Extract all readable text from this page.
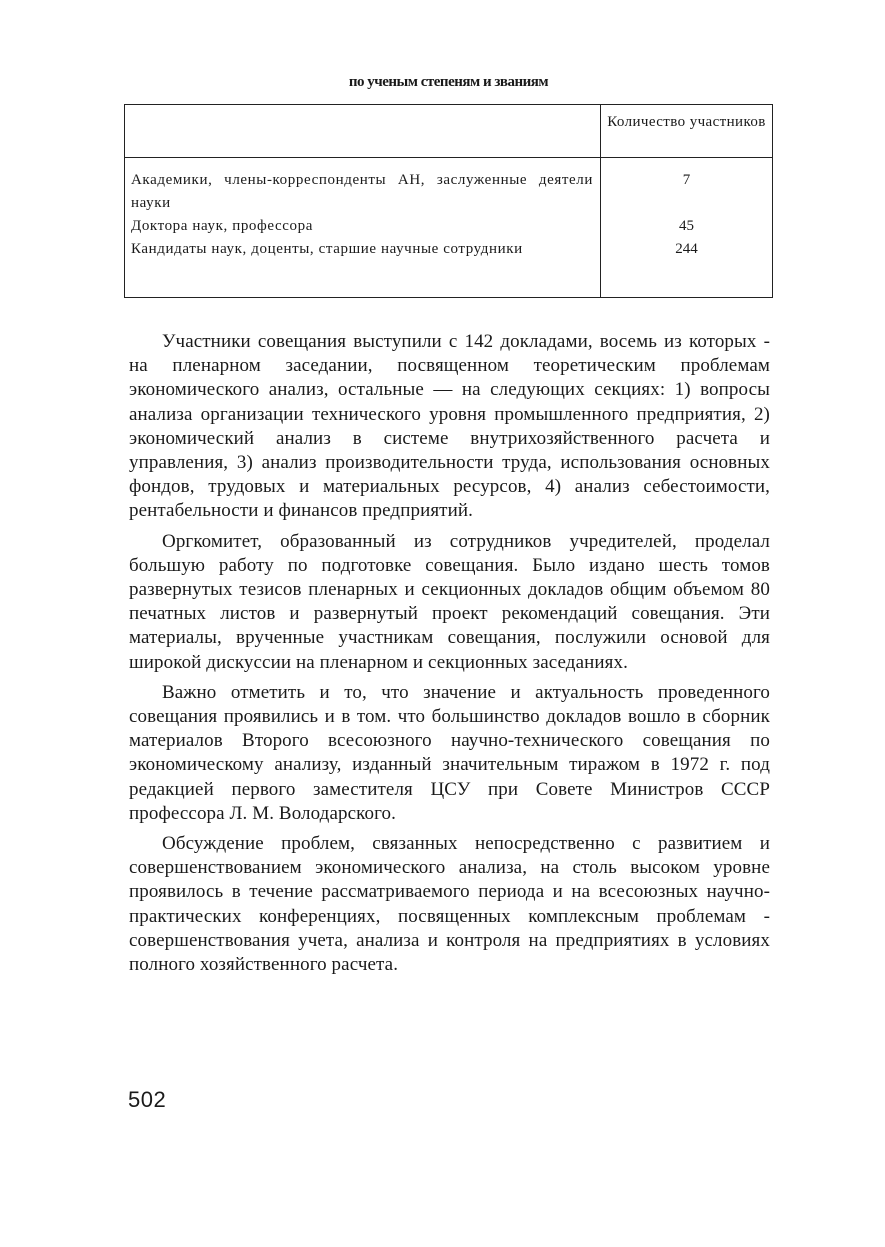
по ученым степеням и званиям
Количество участников
Академики, члены-корреспонденты АН, заслуженные деятели науки
7
Доктора наук, профессора	45
Кандидаты наук, доценты, старшие научные сотрудники	244

Участники совещания выступили с 142 докладами, восемь из которых - на пленарном заседании, посвященном теоретическим проблемам экономического анализ, остальные — на следующих секциях: 1) вопросы анализа организации технического уровня промышленного предприятия, 2) экономический анализ в системе внутрихозяйственного расчета и управления, 3) анализ производительности труда, использования основных фондов, трудовых и материальных ресурсов, 4) анализ себестоимости, рентабельности и финансов предприятий.

Оргкомитет, образованный из сотрудников учредителей, проделал большую работу по подготовке совещания. Было издано шесть томов развернутых тезисов пленарных и секционных докладов общим объемом 80 печатных листов и развернутый проект рекомендаций совещания. Эти материалы, врученные участникам совещания, послужили основой для широкой дискуссии на пленарном и секционных заседаниях.

Важно отметить и то, что значение и актуальность проведенного совещания проявились и в том. что большинство докладов вошло в сборник материалов Второго всесоюзного научно-технического совещания по экономическому анализу, изданный значительным тиражом в 1972 г. под редакцией первого заместителя ЦСУ при Совете Министров СССР профессора Л. М. Володарского.

Обсуждение проблем, связанных непосредственно с развитием и совершенствованием экономического анализа, на столь высоком уровне проявилось в течение рассматриваемого периода и на всесоюзных научно-практических конференциях, посвященных комплексным проблемам - совершенствования учета, анализа и контроля на предприятиях в условиях полного хозяйственного расчета.

502
